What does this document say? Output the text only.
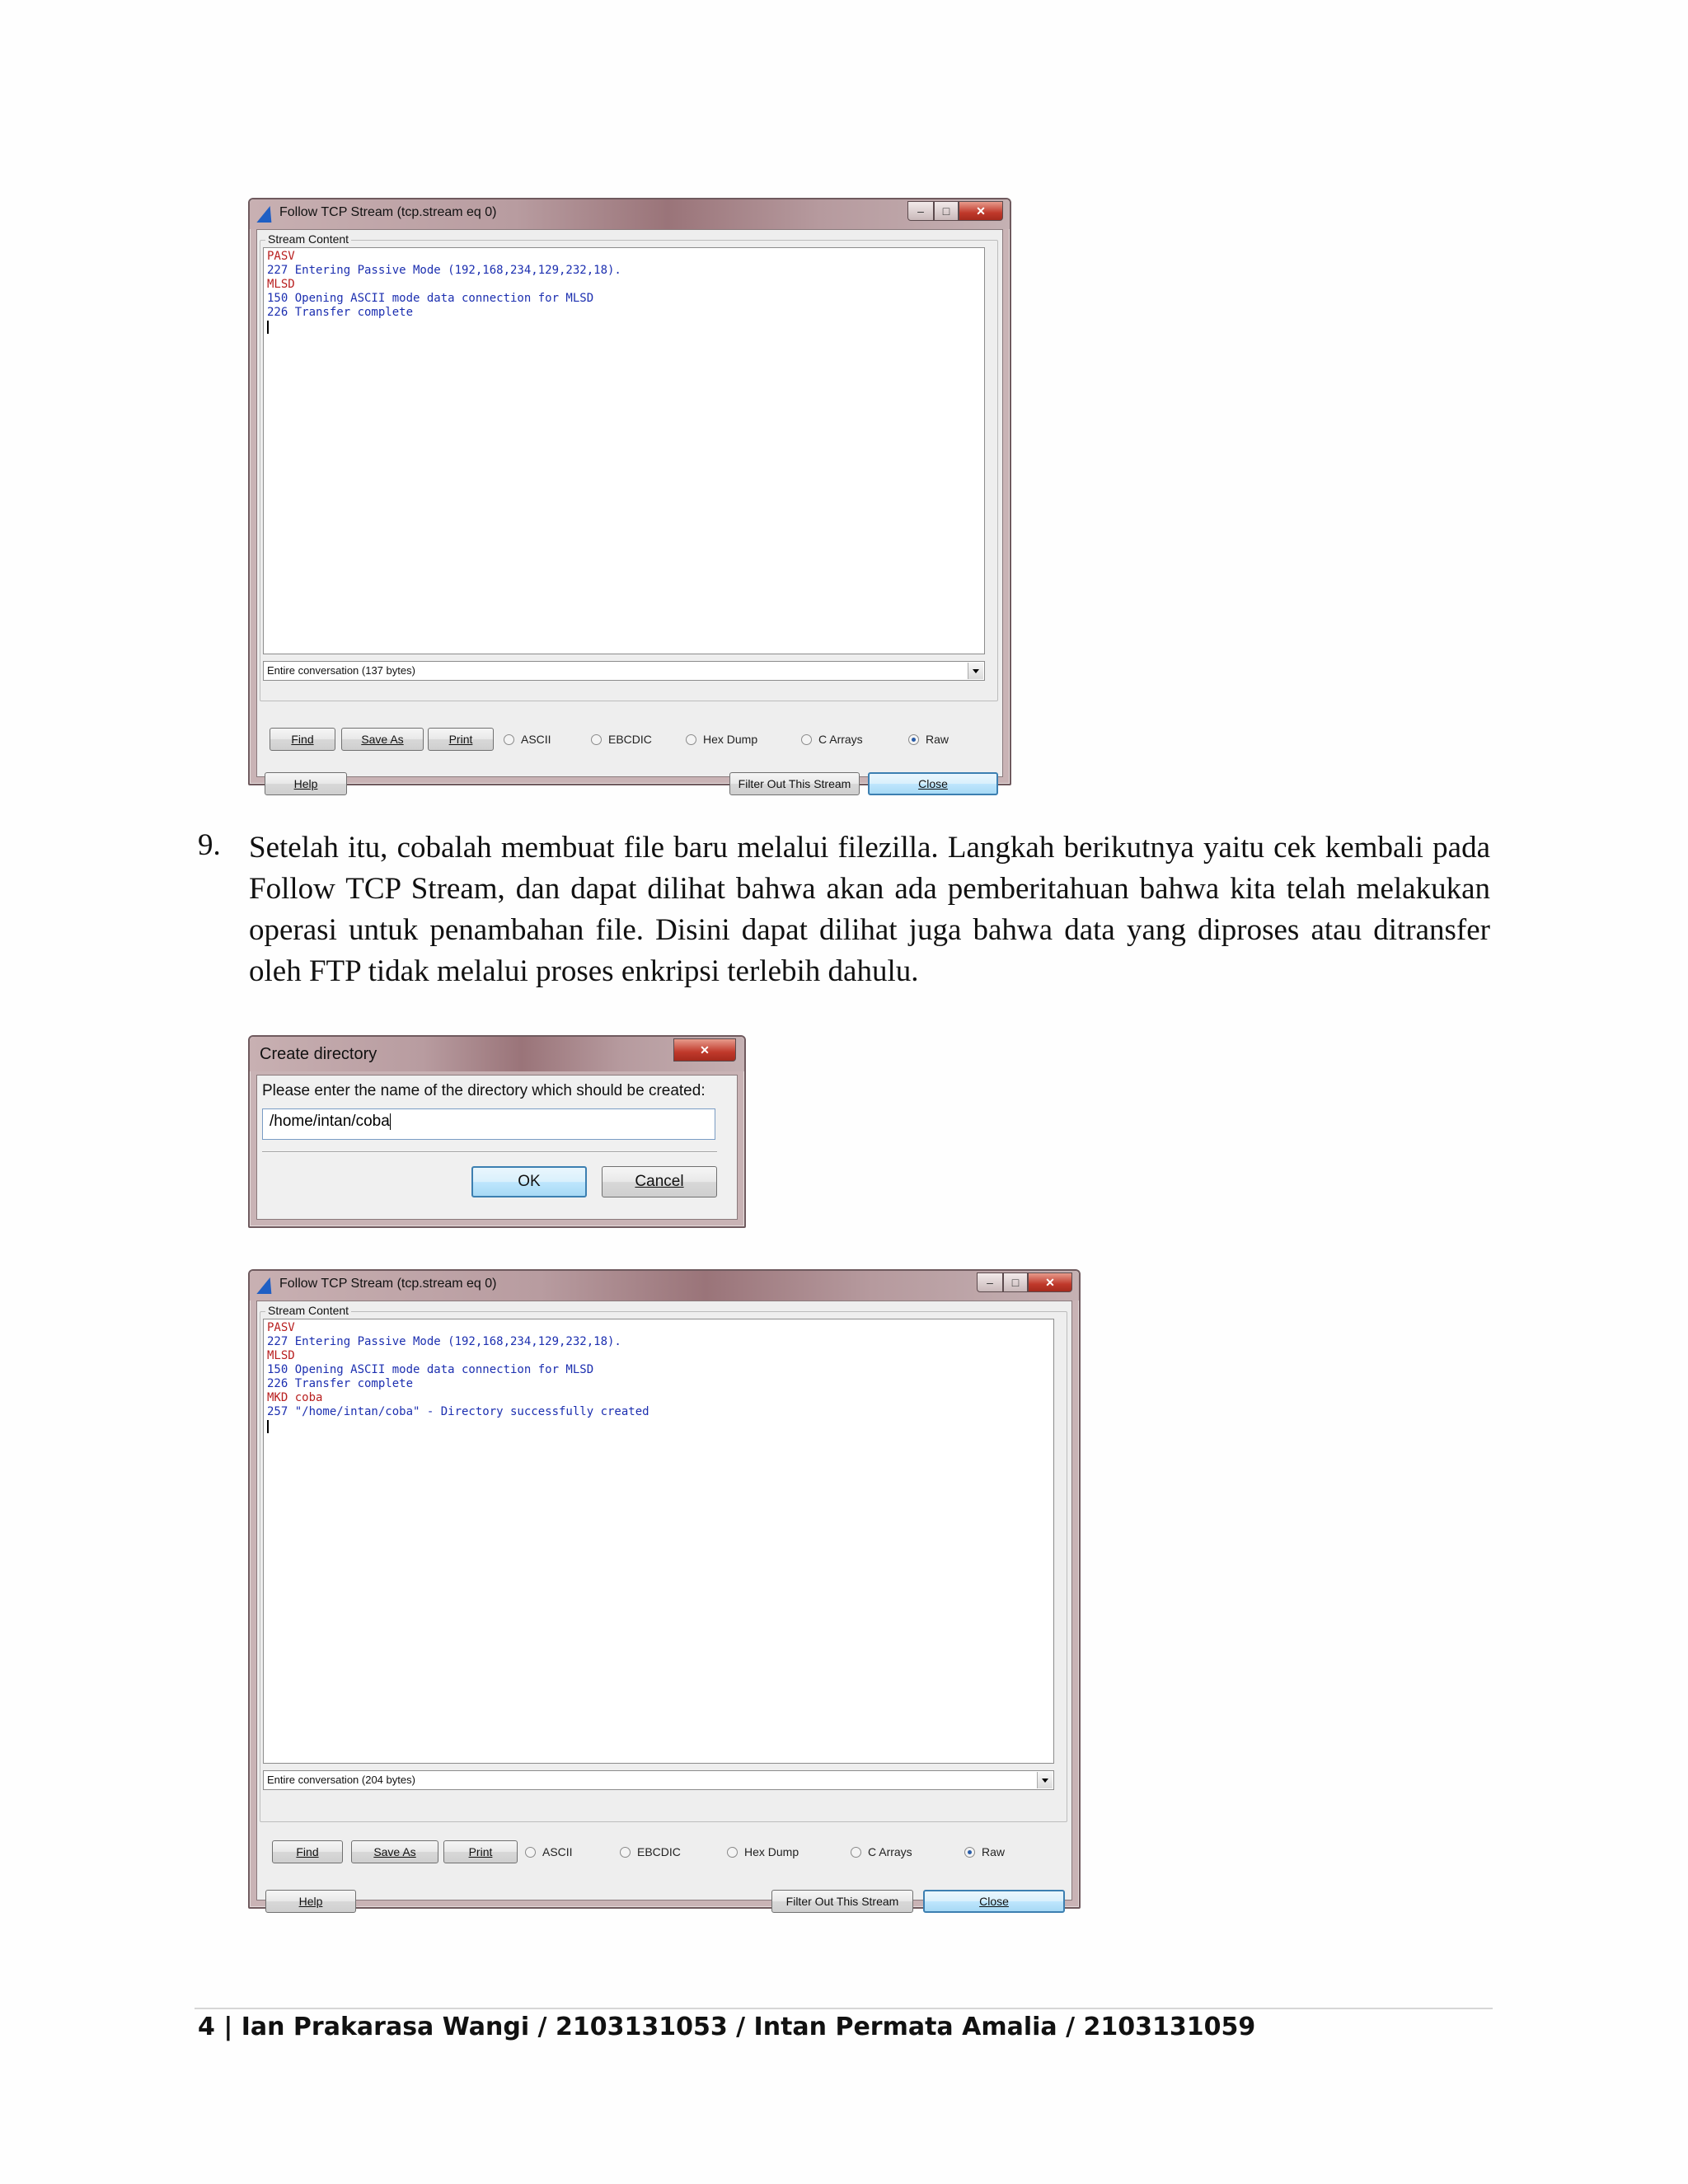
Follow TCP Stream (tcp.stream eq 0)	–	□	✕
Stream Content
PASV
227 Entering Passive Mode (192,168,234,129,232,18).
MLSD
150 Opening ASCII mode data connection for MLSD
226 Transfer complete
Entire conversation (137 bytes)
Find	Save As	Print	ASCII	EBCDIC	Hex Dump	C Arrays	Raw
Help	Filter Out This Stream	Close
9. Setelah itu, cobalah membuat file baru melalui filezilla. Langkah berikutnya yaitu cek kembali pada Follow TCP Stream, dan dapat dilihat bahwa akan ada pemberitahuan bahwa kita telah melakukan operasi untuk penambahan file. Disini dapat dilihat juga bahwa data yang diproses atau ditransfer oleh FTP tidak melalui proses enkripsi terlebih dahulu.
Create directory	✕
Please enter the name of the directory which should be created:
/home/intan/coba
OK	Cancel
Follow TCP Stream (tcp.stream eq 0)	–	□	✕
Stream Content
PASV
227 Entering Passive Mode (192,168,234,129,232,18).
MLSD
150 Opening ASCII mode data connection for MLSD
226 Transfer complete
MKD coba
257 "/home/intan/coba" - Directory successfully created
Entire conversation (204 bytes)
Find	Save As	Print	ASCII	EBCDIC	Hex Dump	C Arrays	Raw
Help	Filter Out This Stream	Close
4 | Ian Prakarasa Wangi / 2103131053 / Intan Permata Amalia / 2103131059
